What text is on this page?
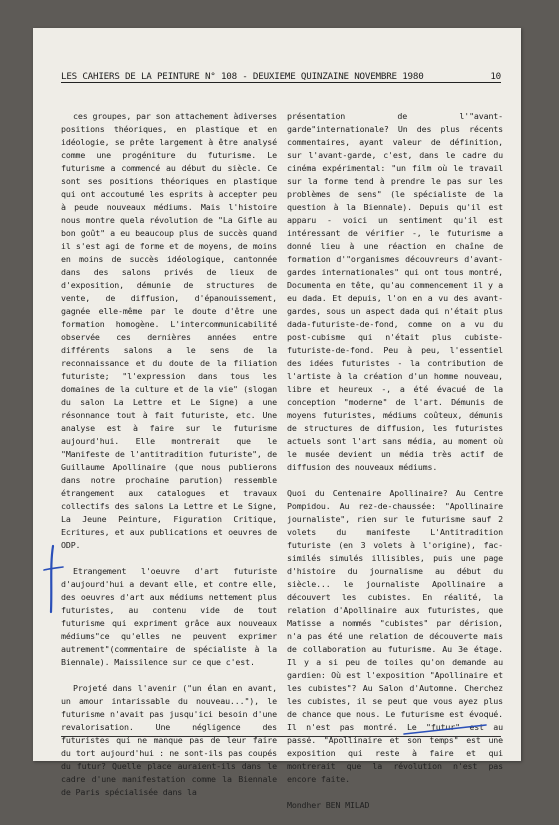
LES CAHIERS DE LA PEINTURE N° 108 - DEUXIEME QUINZAINE NOVEMBRE 1980	10

ces groupes, par son attachement àdiverses positions théoriques, en plastique et en idéologie, se prête largement à être analysé comme une progéniture du futurisme. Le futurisme a commencé au début du siècle. Ce sont ses positions théoriques en plastique qui ont accoutumé les esprits à accepter peu à peude nouveaux médiums. Mais l'histoire nous montre quela révolution de "La Gifle au bon goût" a eu beaucoup plus de succès quand il s'est agi de forme et de moyens, de moins en moins de succès idéologique, cantonnée dans des salons privés de lieux de d'exposition, démunie de structures de vente, de diffusion, d'épanouissement, gagnée elle-même par le doute d'être une formation homogène. L'intercommunicabilité observée ces dernières années entre différents salons a le sens de la reconnaissance et du doute de la filiation futuriste; "l'expression dans tous les domaines de la culture et de la vie" (slogan du salon La Lettre et Le Signe) a une résonnance tout à fait futuriste, etc. Une analyse est à faire sur le futurisme aujourd'hui. Elle montrerait que le "Manifeste de l'antitradition futuriste", de Guillaume Apollinaire (que nous publierons dans notre prochaine parution) ressemble étrangement aux catalogues et travaux collectifs des salons La Lettre et Le Signe, La Jeune Peinture, Figuration Critique, Ecritures, et aux publications et oeuvres de ODP.

Etrangement l'oeuvre d'art futuriste d'aujourd'hui a devant elle, et contre elle, des oeuvres d'art aux médiums nettement plus futuristes, au contenu vide de tout futurisme qui expriment grâce aux nouveaux médiums"ce qu'elles ne peuvent exprimer autrement"(commentaire de spécialiste à la Biennale). Maissilence sur ce que c'est.

Projeté dans l'avenir ("un élan en avant, un amour intarissable du nouveau..."), le futurisme n'avait pas jusqu'ici besoin d'une revalorisation. Une négligence des futuristes qui ne manque pas de leur faire du tort aujourd'hui : ne sont-ils pas coupés du futur? Quelle place auraient-ils dans le cadre d'une manifestation comme la Biennale de Paris spécialisée dans la

présentation de l'"avant-garde"internationale? Un des plus récents commentaires, ayant valeur de définition, sur l'avant-garde, c'est, dans le cadre du cinéma expérimental: "un film où le travail sur la forme tend à prendre le pas sur les problèmes de sens" (le spécialiste de la question à la Biennale). Depuis qu'il est apparu - voici un sentiment qu'il est intéressant de vérifier -, le futurisme a donné lieu à une réaction en chaîne de formation d'"organismes découvreurs d'avant-gardes internationales" qui ont tous montré, Documenta en tête, qu'au commencement il y a eu dada. Et depuis, l'on en a vu des avant-gardes, sous un aspect dada qui n'était plus dada-futuriste-de-fond, comme on a vu du post-cubisme qui n'était plus cubiste-futuriste-de-fond. Peu à peu, l'essentiel des idées futuristes - la contribution de l'artiste à la création d'un homme nouveau, libre et heureux -, a été évacué de la conception "moderne" de l'art. Démunis de moyens futuristes, médiums coûteux, démunis de structures de diffusion, les futuristes actuels sont l'art sans média, au moment où le musée devient un média très actif de diffusion des nouveaux médiums.

Quoi du Centenaire Apollinaire? Au Centre Pompidou. Au rez-de-chaussée: "Apollinaire journaliste", rien sur le futurisme sauf 2 volets du manifeste L'Antitradition futuriste (en 3 volets à l'origine), fac-similés simulés illisibles, puis une page d'histoire du journalisme au début du siècle... le journaliste Apollinaire a découvert les cubistes. En réalité, la relation d'Apollinaire aux futuristes, que Matisse a nommés "cubistes" par dérision, n'a pas été une relation de découverte mais de collaboration au futurisme. Au 3e étage. Il y a si peu de toiles qu'on demande au gardien: Où est l'exposition "Apollinaire et les cubistes"? Au Salon d'Automne. Cherchez les cubistes, il se peut que vous ayez plus de chance que nous. Le futurisme est évoqué. Il n'est pas montré. Le "futur" est au passé. "Apollinaire et son temps" est une exposition qui reste à faire et qui montrerait que la révolution n'est pas encore faite.

Mondher BEN MILAD
